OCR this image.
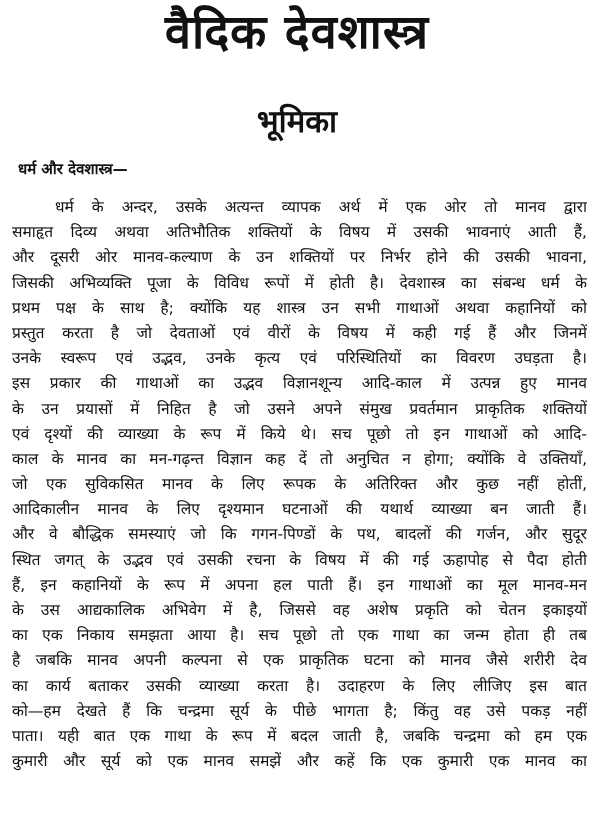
वैदिक देवशास्त्र
भूमिका
धर्म और देवशास्त्र—
धर्म के अन्दर, उसके अत्यन्त व्यापक अर्थ में एक ओर तो मानव द्वारा
समाहृत दिव्य अथवा अतिभौतिक शक्तियों के विषय में उसकी भावनाएं आती हैं,
और दूसरी ओर मानव-कल्याण के उन शक्तियों पर निर्भर होने की उसकी भावना,
जिसकी अभिव्यक्ति पूजा के विविध रूपों में होती है। देवशास्त्र का संबन्ध धर्म के
प्रथम पक्ष के साथ है; क्योंकि यह शास्त्र उन सभी गाथाओं अथवा कहानियों को
प्रस्तुत करता है जो देवताओं एवं वीरों के विषय में कही गई हैं और जिनमें
उनके स्वरूप एवं उद्भव, उनके कृत्य एवं परिस्थितियों का विवरण उघड़ता है।
इस प्रकार की गाथाओं का उद्भव विज्ञानशून्य आदि-काल में उत्पन्न हुए मानव
के उन प्रयासों में निहित है जो उसने अपने संमुख प्रवर्तमान प्राकृतिक शक्तियों
एवं दृश्यों की व्याख्या के रूप में किये थे। सच पूछो तो इन गाथाओं को आदि-
काल के मानव का मन-गढ़न्त विज्ञान कह दें तो अनुचित न होगा; क्योंकि वे उक्तियाँ,
जो एक सुविकसित मानव के लिए रूपक के अतिरिक्त और कुछ नहीं होतीं,
आदिकालीन मानव के लिए दृश्यमान घटनाओं की यथार्थ व्याख्या बन जाती हैं।
और वे बौद्धिक समस्याएं जो कि गगन-पिण्डों के पथ, बादलों की गर्जन, और सुदूर
स्थित जगत् के उद्भव एवं उसकी रचना के विषय में की गई ऊहापोह से पैदा होती
हैं, इन कहानियों के रूप में अपना हल पाती हैं। इन गाथाओं का मूल मानव-मन
के उस आद्यकालिक अभिवेग में है, जिससे वह अशेष प्रकृति को चेतन इकाइयों
का एक निकाय समझता आया है। सच पूछो तो एक गाथा का जन्म होता ही तब
है जबकि मानव अपनी कल्पना से एक प्राकृतिक घटना को मानव जैसे शरीरी देव
का कार्य बताकर उसकी व्याख्या करता है। उदाहरण के लिए लीजिए इस बात
को—हम देखते हैं कि चन्द्रमा सूर्य के पीछे भागता है; किंतु वह उसे पकड़ नहीं
पाता। यही बात एक गाथा के रूप में बदल जाती है, जबकि चन्द्रमा को हम एक
कुमारी और सूर्य को एक मानव समझें और कहें कि एक कुमारी एक मानव का
